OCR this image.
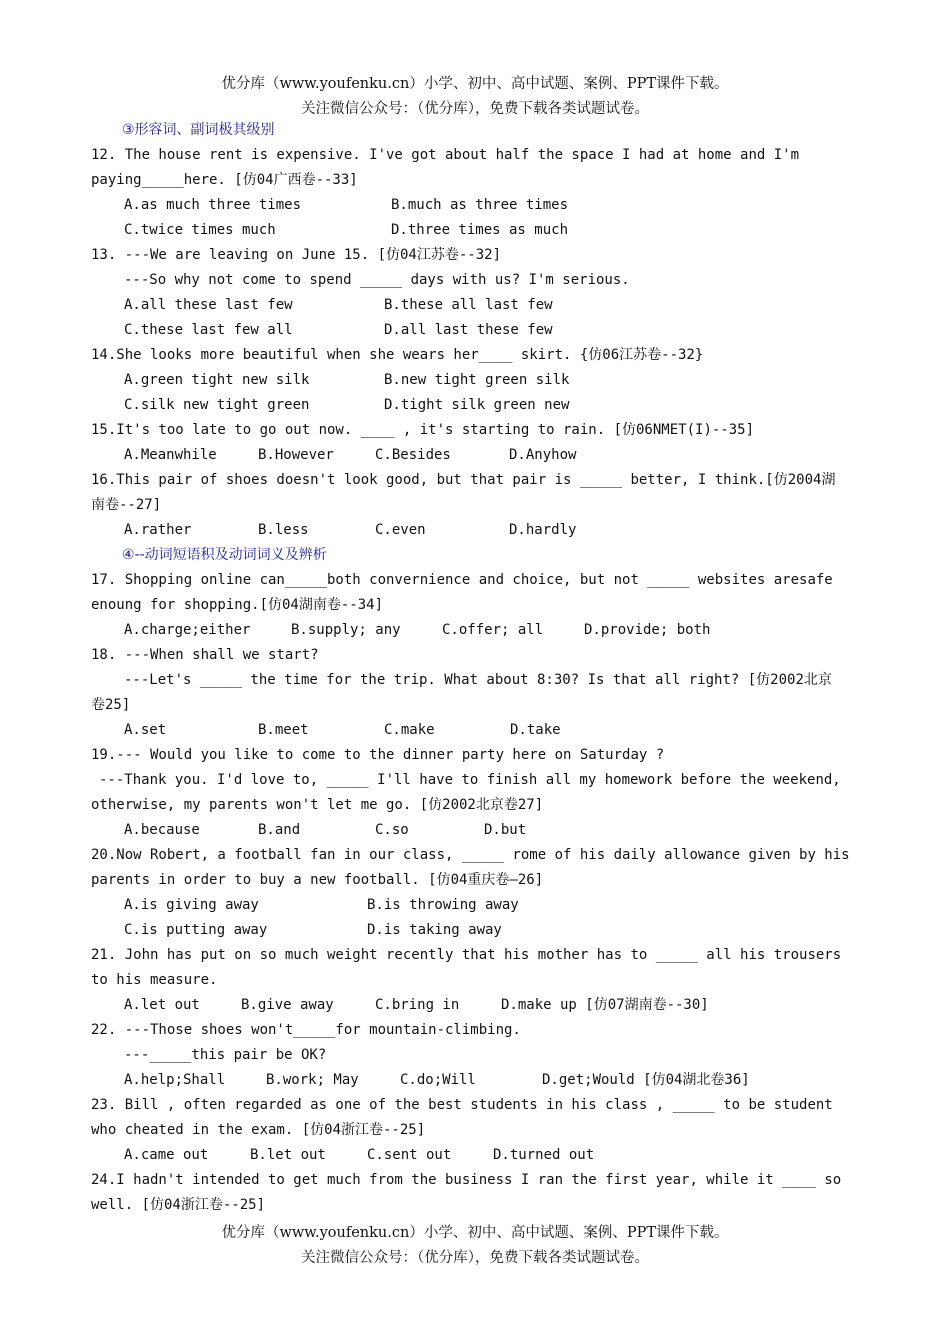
优分库（www.youfenku.cn）小学、初中、高中试题、案例、PPT课件下载。
关注微信公众号：（优分库），免费下载各类试题试卷。
③形容词、副词极其级别
12. The house rent is expensive. I've got about half the space I had at home and I'm
paying_____here. [仿04广西卷--33]
A.as much three times	B.much as three times
C.twice times much	D.three times as much
13. ---We are leaving on June 15. [仿04江苏卷--32]
---So why not come to spend _____ days with us? I'm serious.
A.all these last few	B.these all last few
C.these last few all	D.all last these few
14.She looks more beautiful when she wears her____ skirt. {仿06江苏卷--32}
A.green tight new silk	B.new tight green silk
C.silk new tight green	D.tight silk green new
15.It's too late to go out now. ____ , it's starting to rain. [仿06NMET(I)--35]
A.Meanwhile	B.However	C.Besides	D.Anyhow
16.This pair of shoes doesn't look good, but that pair is _____ better, I think.[仿2004湖
南卷--27]
A.rather	B.less	C.even	D.hardly
④--动词短语积及动词词义及辨析
17. Shopping online can_____both convernience and choice, but not _____ websites aresafe
enoung for shopping.[仿04湖南卷--34]
A.charge;either	B.supply; any	C.offer; all	D.provide; both
18. ---When shall we start?
---Let's _____ the time for the trip. What about 8:30? Is that all right? [仿2002北京
卷25]
A.set	B.meet	C.make	D.take
19.--- Would you like to come to the dinner party here on Saturday ?
---Thank you. I'd love to, _____ I'll have to finish all my homework before the weekend,
otherwise, my parents won't let me go. [仿2002北京卷27]
A.because	B.and	C.so	D.but
20.Now Robert, a football fan in our class, _____ rome of his daily allowance given by his
parents in order to buy a new football. [仿04重庆卷—26]
A.is giving away	B.is throwing away
C.is putting away	D.is taking away
21. John has put on so much weight recently that his mother has to _____ all his trousers
to his measure.
A.let out	B.give away	C.bring in	D.make up [仿07湖南卷--30]
22. ---Those shoes won't_____for mountain-climbing.
---_____this pair be OK?
A.help;Shall	B.work; May	C.do;Will	D.get;Would [仿04湖北卷36]
23. Bill , often regarded as one of the best students in his class , _____ to be student
who cheated in the exam. [仿04浙江卷--25]
A.came out	B.let out	C.sent out	D.turned out
24.I hadn't intended to get much from the business I ran the first year, while it ____ so
well. [仿04浙江卷--25]
优分库（www.youfenku.cn）小学、初中、高中试题、案例、PPT课件下载。
关注微信公众号：（优分库），免费下载各类试题试卷。
